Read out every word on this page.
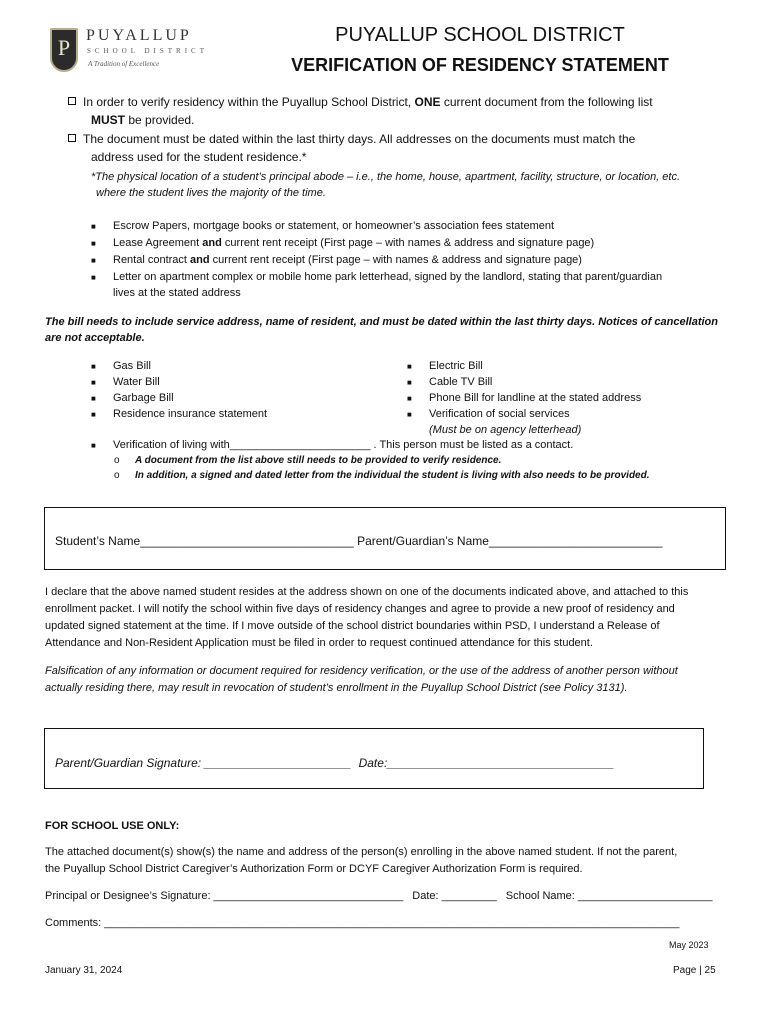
P PUYALLUP
SCHOOL DISTRICT
A Tradition of Excellence
PUYALLUP SCHOOL DISTRICT
VERIFICATION OF RESIDENCY STATEMENT
In order to verify residency within the Puyallup School District, ONE current document from the following list
MUST be provided.
The document must be dated within the last thirty days. All addresses on the documents must match the
address used for the student residence.*
*The physical location of a student’s principal abode – i.e., the home, house, apartment, facility, structure, or location, etc.
where the student lives the majority of the time.
■ Escrow Papers, mortgage books or statement, or homeowner’s association fees statement
■ Lease Agreement and current rent receipt (First page – with names & address and signature page)
■ Rental contract and current rent receipt (First page – with names & address and signature page)
■ Letter on apartment complex or mobile home park letterhead, signed by the landlord, stating that parent/guardian
lives at the stated address
The bill needs to include service address, name of resident, and must be dated within the last thirty days. Notices of cancellation
are not acceptable.
■ Gas Bill
■ Water Bill
■ Garbage Bill
■ Residence insurance statement
■ Electric Bill
■ Cable TV Bill
■ Phone Bill for landline at the stated address
■ Verification of social services
(Must be on agency letterhead)
■ Verification of living with_______________________ . This person must be listed as a contact.
o A document from the list above still needs to be provided to verify residence.
o In addition, a signed and dated letter from the individual the student is living with also needs to be provided.
Student’s Name________________________________ Parent/Guardian’s Name__________________________
I declare that the above named student resides at the address shown on one of the documents indicated above, and attached to this
enrollment packet. I will notify the school within five days of residency changes and agree to provide a new proof of residency and
updated signed statement at the time. If I move outside of the school district boundaries within PSD, I understand a Release of
Attendance and Non-Resident Application must be filed in order to request continued attendance for this student.
Falsification of any information or document required for residency verification, or the use of the address of another person without
actually residing there, may result in revocation of student’s enrollment in the Puyallup School District (see Policy 3131).
Parent/Guardian Signature: ______________________ Date:__________________________________
FOR SCHOOL USE ONLY:
The attached document(s) show(s) the name and address of the person(s) enrolling in the above named student. If not the parent,
the Puyallup School District Caregiver’s Authorization Form or DCYF Caregiver Authorization Form is required.
Principal or Designee’s Signature: _______________________________ Date: _________ School Name: ______________________
Comments: ______________________________________________________________________________________________
May 2023
January 31, 2024	Page | 25
